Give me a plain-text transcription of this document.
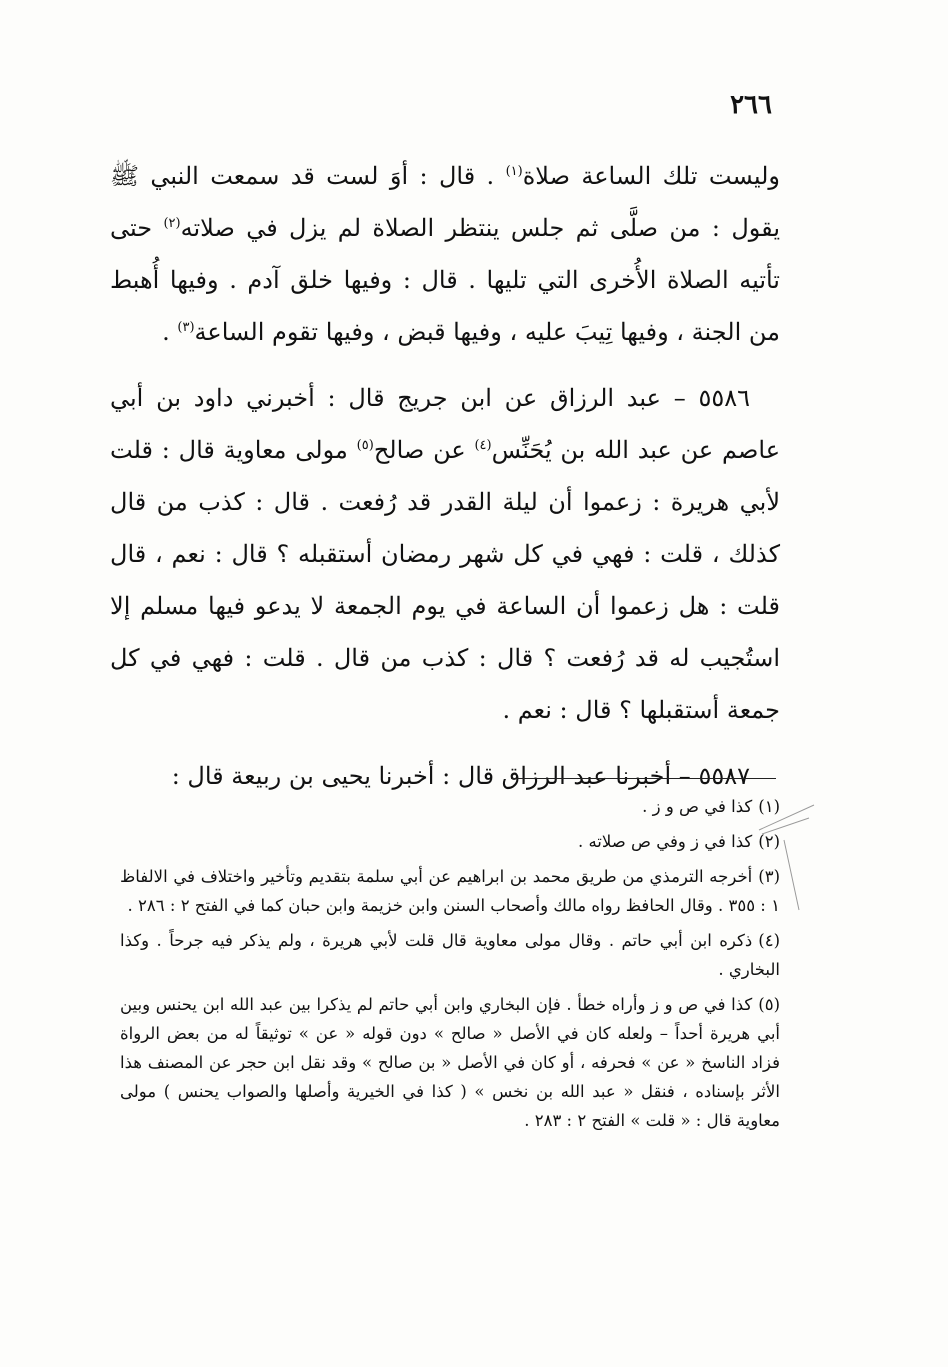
٢٦٦

وليست تلك الساعة صلاة$^{(١)}$ . قال : أوَ لست قد سمعت النبي ﷺ يقول : من صلَّى ثم جلس ينتظر الصلاة لم يزل في صلاته$^{(٢)}$ حتى تأتيه الصلاة الأُخرى التي تليها . قال : وفيها خلق آدم . وفيها أُهبط من الجنة ، وفيها تِيبَ عليه ، وفيها قبض ، وفيها تقوم الساعة$^{(٣)}$ .

٥٥٨٦ – عبد الرزاق عن ابن جريج قال : أخبرني داود بن أبي عاصم عن عبد الله بن يُحَنِّس$^{(٤)}$ عن صالح$^{(٥)}$ مولى معاوية قال : قلت لأبي هريرة : زعموا أن ليلة القدر قد رُفعت . قال : كذب من قال كذلك ، قلت : فهي في كل شهر رمضان أستقبله ؟ قال : نعم ، قال قلت : هل زعموا أن الساعة في يوم الجمعة لا يدعو فيها مسلم إلا استُجيب له قد رُفعت ؟ قال : كذب من قال . قلت : فهي في كل جمعة أستقبلها ؟ قال : نعم .

٥٥٨٧ – أخبرنا عبد الرزاق قال : أخبرنا يحيى بن ربيعة قال :

(١)كذا في ص و ز .

(٢)كذا في ز وفي ص صلاته .

(٣)أخرجه الترمذي من طريق محمد بن ابراهيم عن أبي سلمة بتقديم وتأخير واختلاف في الالفاظ ١ : ٣٥٥ . وقال الحافظ رواه مالك وأصحاب السنن وابن خزيمة وابن حبان كما في الفتح ٢ : ٢٨٦ .

(٤)ذكره ابن أبي حاتم . وقال مولى معاوية قال قلت لأبي هريرة ، ولم يذكر فيه جرحاً . وكذا البخاري .

(٥)كذا في ص و ز وأراه خطأ . فإن البخاري وابن أبي حاتم لم يذكرا بين عبد الله ابن يحنس وبين أبي هريرة أحداً – ولعله كان في الأصل « صالح » دون قوله « عن » توثيقاً له من بعض الرواة فزاد الناسخ « عن » فحرفه ، أو كان في الأصل « بن صالح » وقد نقل ابن حجر عن المصنف هذا الأثر بإسناده ، فنقل « عبد الله بن نخس » ( كذا في الخيرية وأصلها والصواب يحنس ) مولى معاوية قال : « قلت » الفتح ٢ : ٢٨٣ .
